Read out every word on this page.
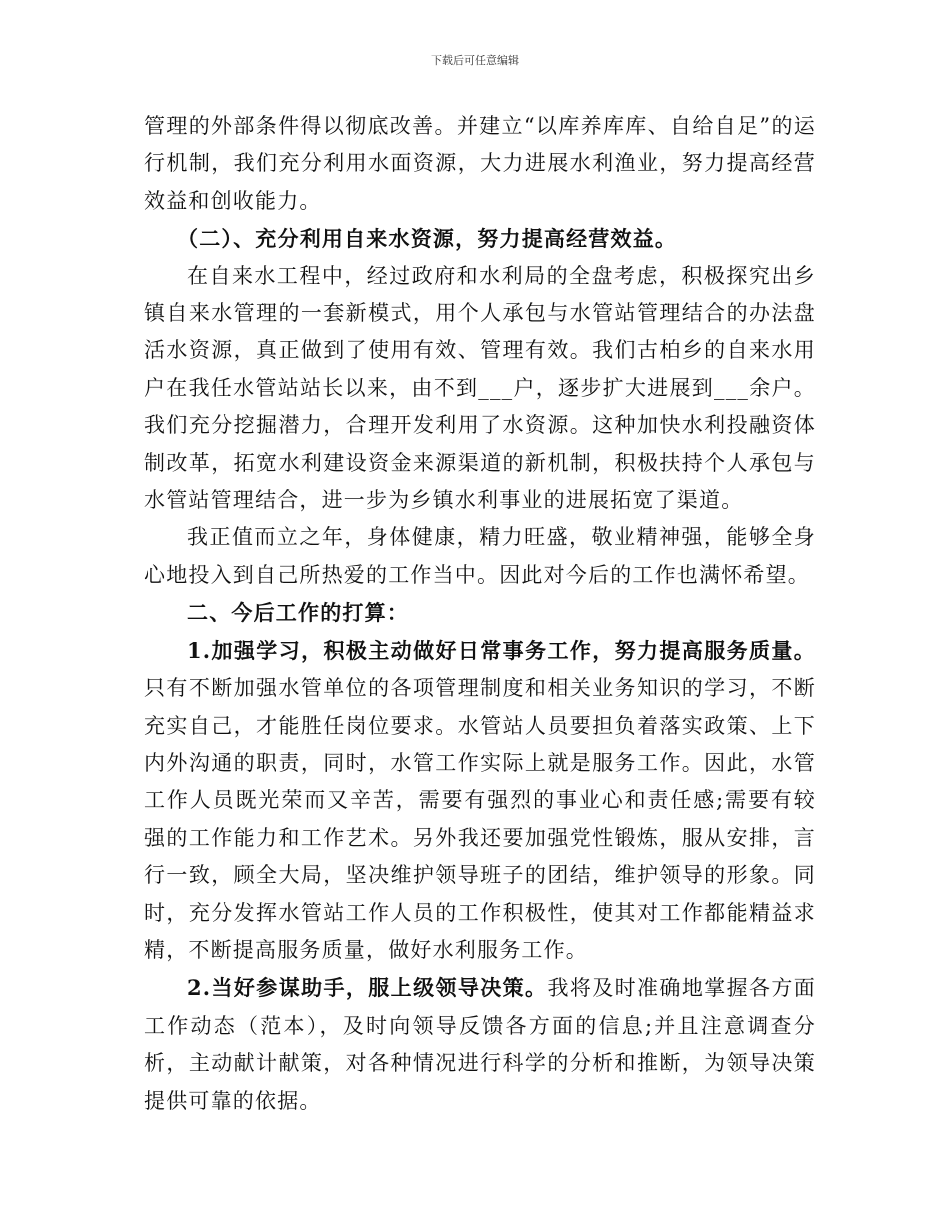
下载后可任意编辑

管理的外部条件得以彻底改善。并建立“以库养库库、自给自足”的运行机制，我们充分利用水面资源，大力进展水利渔业，努力提高经营效益和创收能力。

（二）、充分利用自来水资源，努力提高经营效益。

在自来水工程中，经过政府和水利局的全盘考虑，积极探究出乡镇自来水管理的一套新模式，用个人承包与水管站管理结合的办法盘活水资源，真正做到了使用有效、管理有效。我们古柏乡的自来水用户在我任水管站站长以来，由不到___户，逐步扩大进展到___余户。我们充分挖掘潜力，合理开发利用了水资源。这种加快水利投融资体制改革，拓宽水利建设资金来源渠道的新机制，积极扶持个人承包与水管站管理结合，进一步为乡镇水利事业的进展拓宽了渠道。

我正值而立之年，身体健康，精力旺盛，敬业精神强，能够全身心地投入到自己所热爱的工作当中。因此对今后的工作也满怀希望。

二、今后工作的打算：

1.加强学习，积极主动做好日常事务工作，努力提高服务质量。只有不断加强水管单位的各项管理制度和相关业务知识的学习，不断充实自己，才能胜任岗位要求。水管站人员要担负着落实政策、上下内外沟通的职责，同时，水管工作实际上就是服务工作。因此，水管工作人员既光荣而又辛苦，需要有强烈的事业心和责任感;需要有较强的工作能力和工作艺术。另外我还要加强党性锻炼，服从安排，言行一致，顾全大局，坚决维护领导班子的团结，维护领导的形象。同时，充分发挥水管站工作人员的工作积极性，使其对工作都能精益求精，不断提高服务质量，做好水利服务工作。

2.当好参谋助手，服上级领导决策。我将及时准确地掌握各方面工作动态（范本），及时向领导反馈各方面的信息;并且注意调查分析，主动献计献策，对各种情况进行科学的分析和推断，为领导决策提供可靠的依据。
